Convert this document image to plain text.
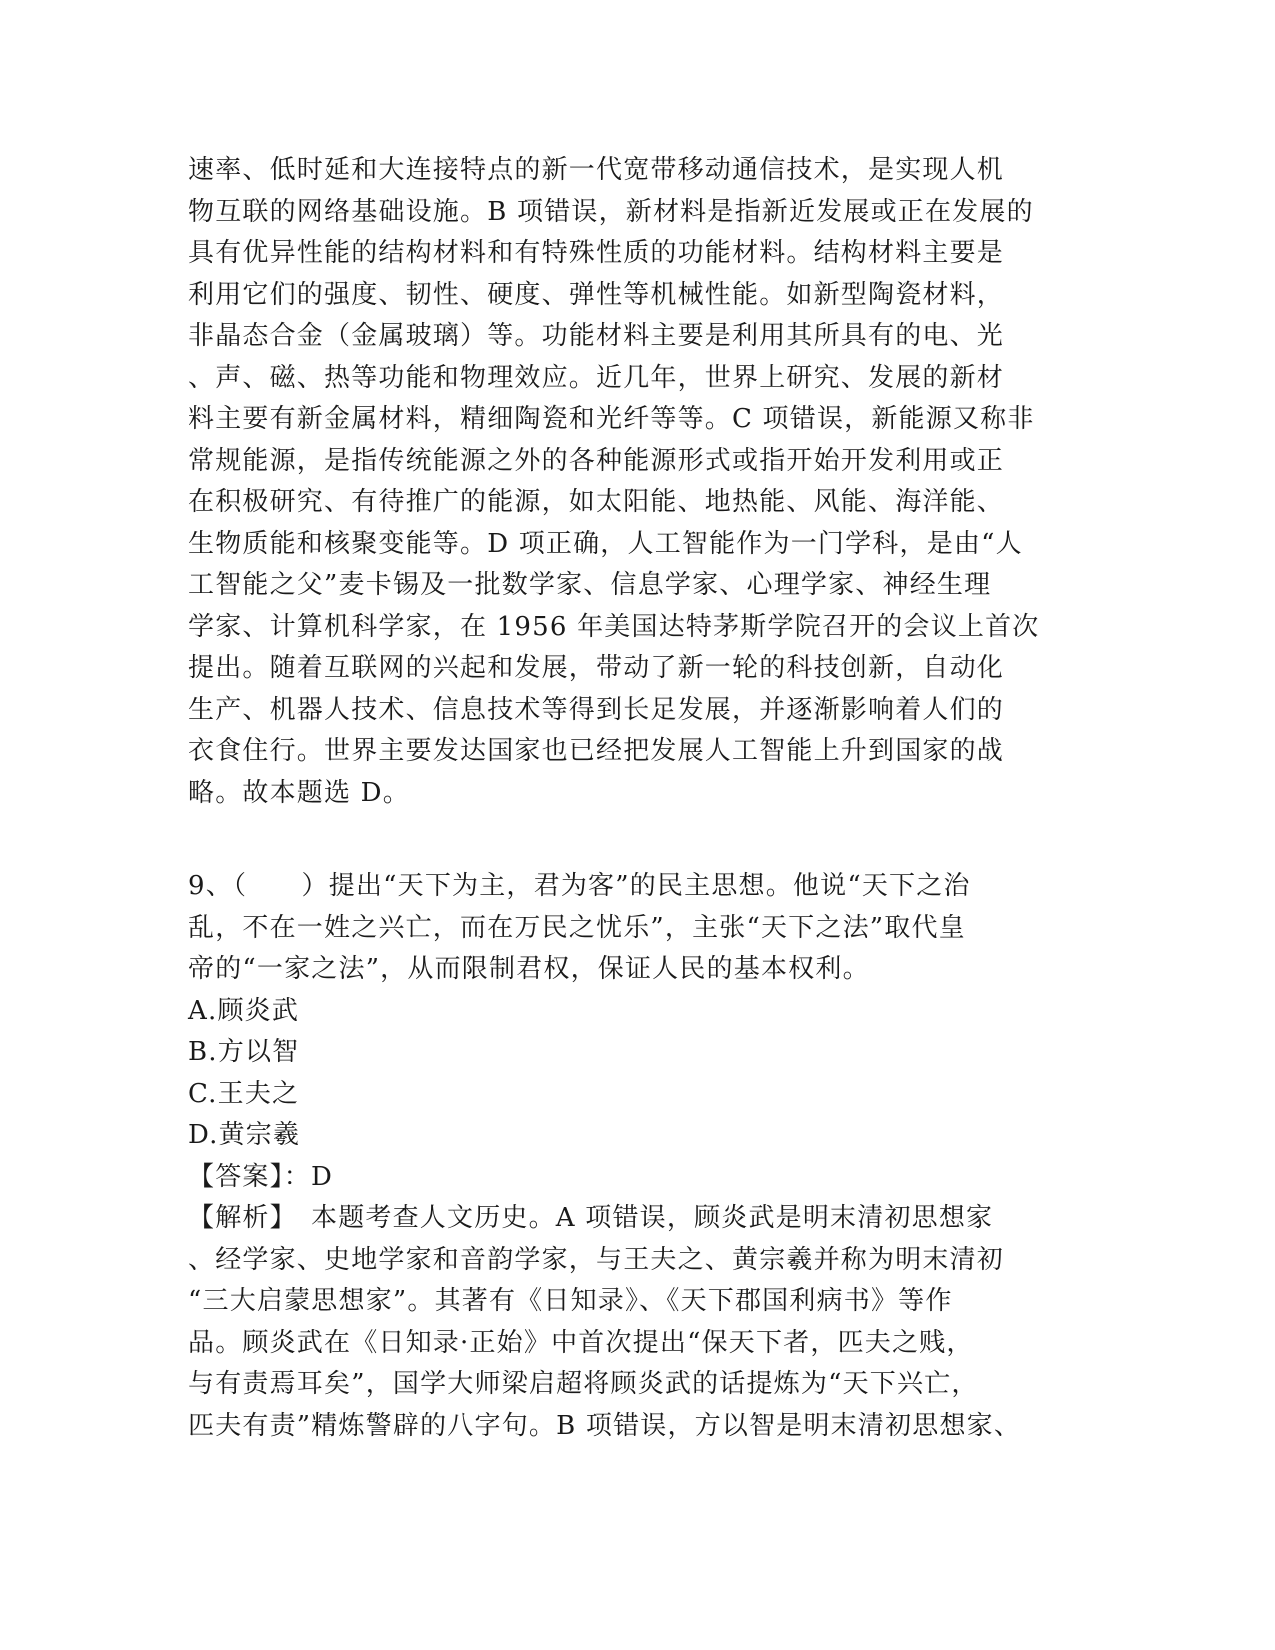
速率、低时延和大连接特点的新一代宽带移动通信技术，是实现人机
物互联的网络基础设施。B 项错误，新材料是指新近发展或正在发展的
具有优异性能的结构材料和有特殊性质的功能材料。结构材料主要是
利用它们的强度、韧性、硬度、弹性等机械性能。如新型陶瓷材料，
非晶态合金（金属玻璃）等。功能材料主要是利用其所具有的电、光
、声、磁、热等功能和物理效应。近几年，世界上研究、发展的新材
料主要有新金属材料，精细陶瓷和光纤等等。C 项错误，新能源又称非
常规能源，是指传统能源之外的各种能源形式或指开始开发利用或正
在积极研究、有待推广的能源，如太阳能、地热能、风能、海洋能、
生物质能和核聚变能等。D 项正确，人工智能作为一门学科，是由“人
工智能之父”麦卡锡及一批数学家、信息学家、心理学家、神经生理
学家、计算机科学家，在 1956 年美国达特茅斯学院召开的会议上首次
提出。随着互联网的兴起和发展，带动了新一轮的科技创新，自动化
生产、机器人技术、信息技术等得到长足发展，并逐渐影响着人们的
衣食住行。世界主要发达国家也已经把发展人工智能上升到国家的战
略。故本题选 D。
9、（　　）提出“天下为主，君为客”的民主思想。他说“天下之治
乱，不在一姓之兴亡，而在万民之忧乐”，主张“天下之法”取代皇
帝的“一家之法”，从而限制君权，保证人民的基本权利。
A.顾炎武
B.方以智
C.王夫之
D.黄宗羲
【答案】：D
【解析】　本题考查人文历史。A 项错误，顾炎武是明末清初思想家
、经学家、史地学家和音韵学家，与王夫之、黄宗羲并称为明末清初
“三大启蒙思想家”。其著有《日知录》、《天下郡国利病书》等作
品。顾炎武在《日知录·正始》中首次提出“保天下者，匹夫之贱，
与有责焉耳矣”，国学大师梁启超将顾炎武的话提炼为“天下兴亡，
匹夫有责”精炼警辟的八字句。B 项错误，方以智是明末清初思想家、
